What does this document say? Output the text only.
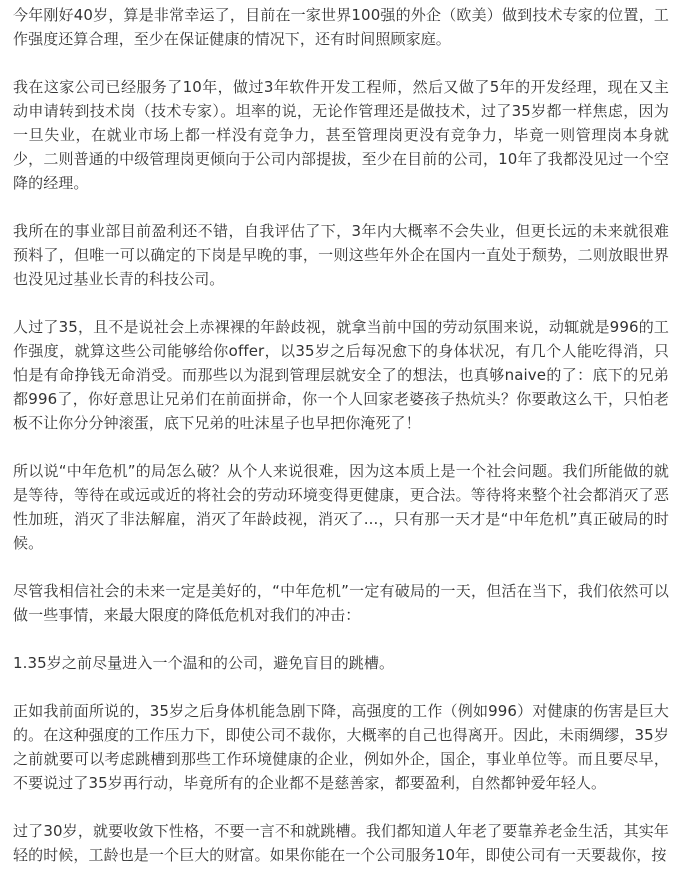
今年刚好40岁，算是非常幸运了，目前在一家世界100强的外企（欧美）做到技术专家的位置，工作强度还算合理，至少在保证健康的情况下，还有时间照顾家庭。

我在这家公司已经服务了10年，做过3年软件开发工程师，然后又做了5年的开发经理，现在又主动申请转到技术岗（技术专家）。坦率的说，无论作管理还是做技术，过了35岁都一样焦虑，因为一旦失业，在就业市场上都一样没有竞争力，甚至管理岗更没有竞争力，毕竟一则管理岗本身就少，二则普通的中级管理岗更倾向于公司内部提拔，至少在目前的公司，10年了我都没见过一个空降的经理。

我所在的事业部目前盈利还不错，自我评估了下，3年内大概率不会失业，但更长远的未来就很难预料了，但唯一可以确定的下岗是早晚的事，一则这些年外企在国内一直处于颓势，二则放眼世界也没见过基业长青的科技公司。

人过了35，且不是说社会上赤裸裸的年龄歧视，就拿当前中国的劳动氛围来说，动辄就是996的工作强度，就算这些公司能够给你offer，以35岁之后每况愈下的身体状况，有几个人能吃得消，只怕是有命挣钱无命消受。而那些以为混到管理层就安全了的想法，也真够naive的了：底下的兄弟都996了，你好意思让兄弟们在前面拼命，你一个人回家老婆孩子热炕头？你要敢这么干，只怕老板不让你分分钟滚蛋，底下兄弟的吐沫星子也早把你淹死了！

所以说“中年危机”的局怎么破？从个人来说很难，因为这本质上是一个社会问题。我们所能做的就是等待，等待在或远或近的将社会的劳动环境变得更健康，更合法。等待将来整个社会都消灭了恶性加班，消灭了非法解雇，消灭了年龄歧视，消灭了...，只有那一天才是“中年危机”真正破局的时候。

尽管我相信社会的未来一定是美好的，“中年危机”一定有破局的一天，但活在当下，我们依然可以做一些事情，来最大限度的降低危机对我们的冲击：

1.35岁之前尽量进入一个温和的公司，避免盲目的跳槽。

正如我前面所说的，35岁之后身体机能急剧下降，高强度的工作（例如996）对健康的伤害是巨大的。在这种强度的工作压力下，即使公司不裁你，大概率的自己也得离开。因此，未雨绸缪，35岁之前就要可以考虑跳槽到那些工作环境健康的企业，例如外企，国企，事业单位等。而且要尽早，不要说过了35岁再行动，毕竟所有的企业都不是慈善家，都要盈利，自然都钟爱年轻人。

过了30岁，就要收敛下性格，不要一言不和就跳槽。我们都知道人年老了要靠养老金生活，其实年轻的时候，工龄也是一个巨大的财富。如果你能在一个公司服务10年，即使公司有一天要裁你，按
